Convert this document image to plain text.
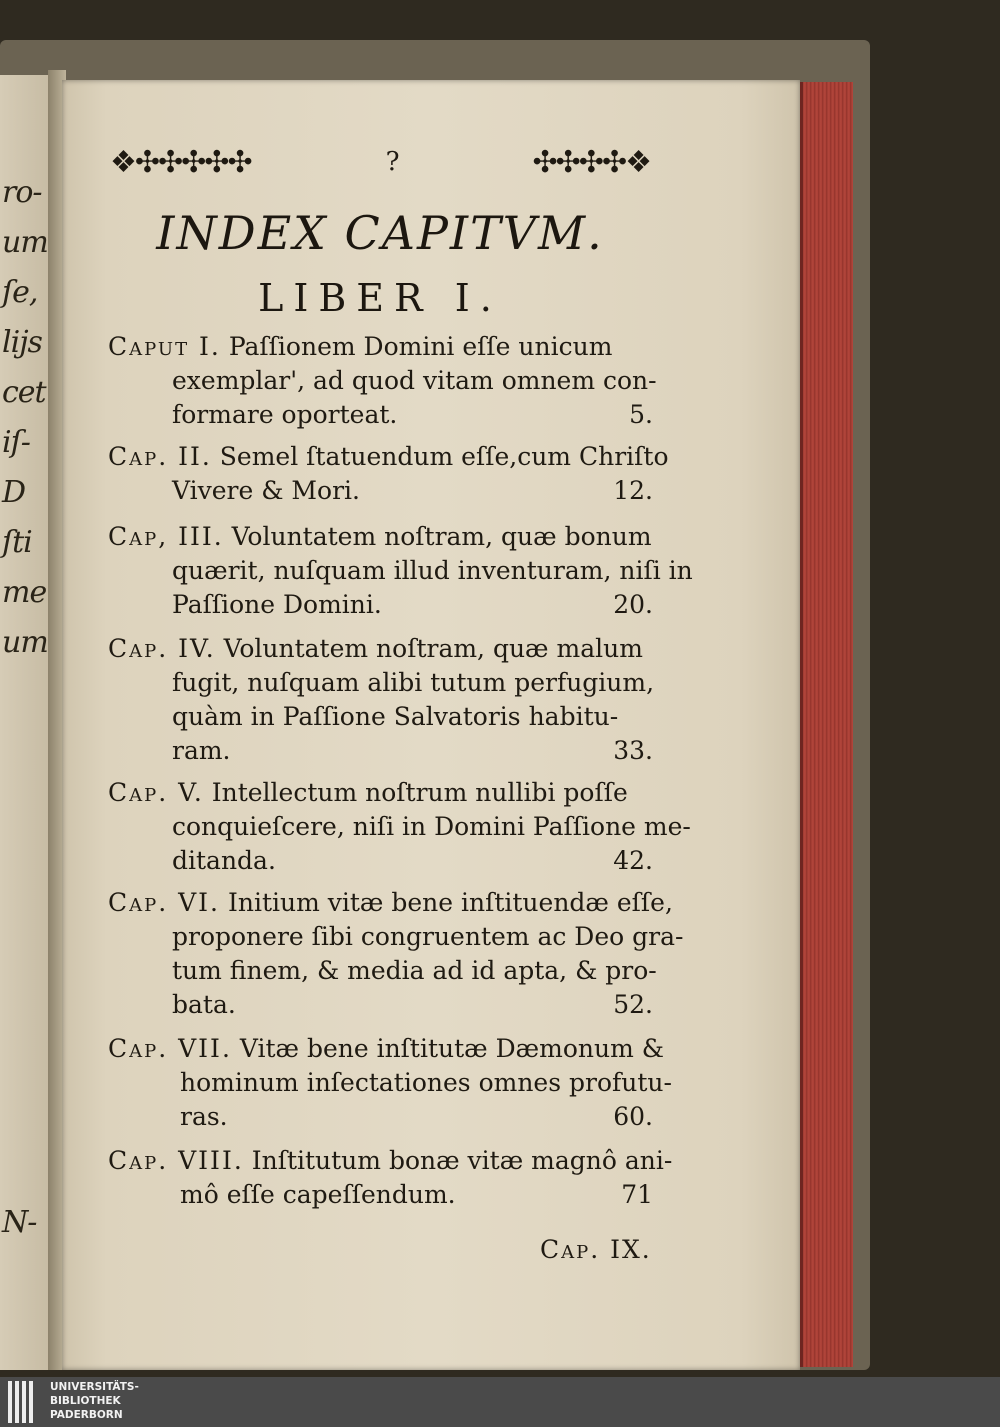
ro-
um
ſe,
lijs
cet
iſ-
D
ſti
me
um
N-
❖✣✣✣✣✣	?	✣✣✣✣❖
INDEX CAPITVM.
LIBER I.
Caput I. Paſſionem Domini eſſe unicum
exemplar', ad quod vitam omnem con-
formare oporteat.	5.
Cap. II. Semel ſtatuendum eſſe,cum Chriſto
Vivere & Mori.	12.
Cap, III. Voluntatem noſtram, quæ bonum
quærit, nuſquam illud inventuram, niſi in
Paſſione Domini.	20.
Cap. IV. Voluntatem noſtram, quæ malum
fugit, nuſquam alibi tutum perfugium,
quàm in Paſſione Salvatoris habitu-
ram.	33.
Cap. V. Intellectum noſtrum nullibi poſſe
conquieſcere, niſi in Domini Paſſione me-
ditanda.	42.
Cap. VI. Initium vitæ bene inſtituendæ eſſe,
proponere ſibi congruentem ac Deo gra-
tum finem, & media ad id apta, & pro-
bata.	52.
Cap. VII. Vitæ bene inſtitutæ Dæmonum &
hominum inſectationes omnes profutu-
ras.	60.
Cap. VIII. Inſtitutum bonæ vitæ magnô ani-
mô eſſe capeſſendum.	71
Cap. IX.
UNIVERSITÄTS-
BIBLIOTHEK
PADERBORN
